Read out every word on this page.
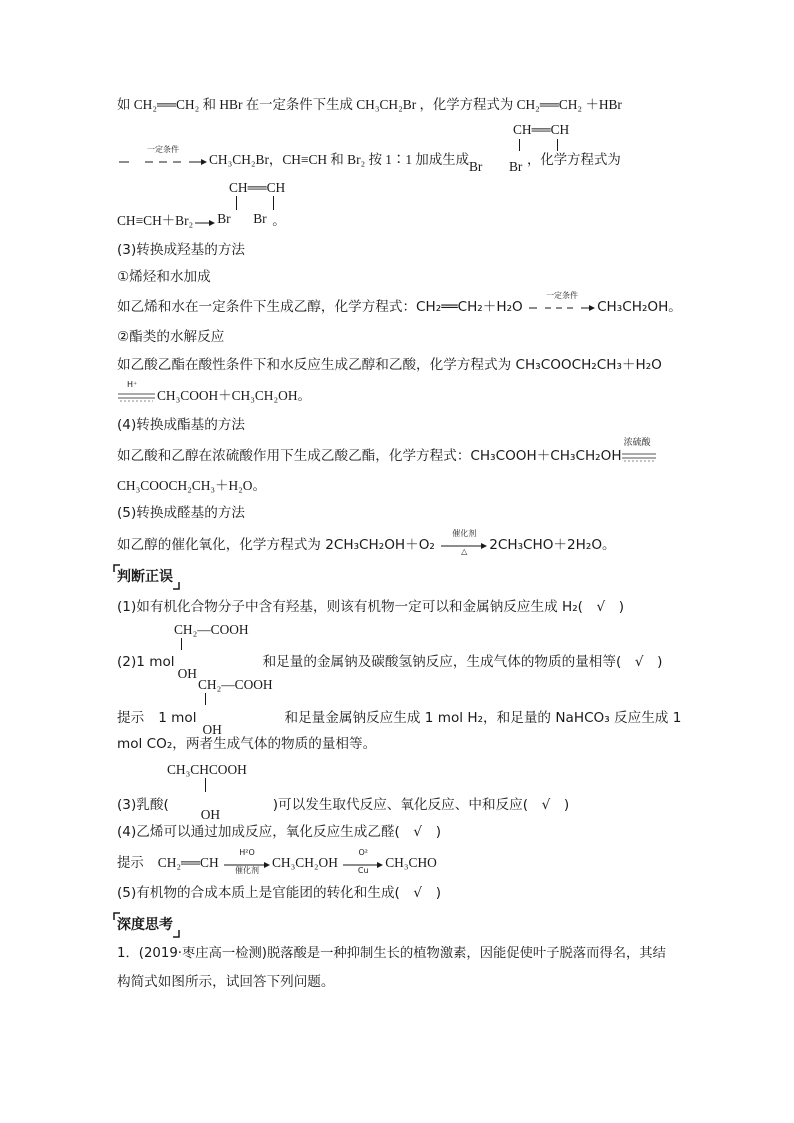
如 CH₂══CH₂ 和 HBr 在一定条件下生成 CH₃CH₂Br ，化学方程式为 CH₂══CH₂ ＋HBr
CH══CH
一定条件
CH₃CH₂Br，CH≡CH 和 Br₂ 按 1∶1 加成生成 Br Br ，化学方程式为
CH══CH
CH≡CH＋Br₂ → Br Br 。
(3)转换成羟基的方法
①烯烃和水加成
如乙烯和水在一定条件下生成乙醇，化学方程式：CH₂══CH₂＋H₂O
一定条件
CH₃CH₂OH。
②酯类的水解反应
如乙酸乙酯在酸性条件下和水反应生成乙醇和乙酸，化学方程式为 CH₃COOCH₂CH₃＋H₂O
H⁺
CH₃COOH＋CH₃CH₂OH。
(4)转换成酯基的方法
如乙酸和乙醇在浓硫酸作用下生成乙酸乙酯，化学方程式：CH₃COOH＋CH₃CH₂OH
浓硫酸
CH₃COOCH₂CH₃＋H₂O。
(5)转换成醛基的方法
如乙醇的催化氧化，化学方程式为 2CH₃CH₂OH＋O₂
催化剂
△	2CH₃CHO＋2H₂O。
判断正误
(1)如有机化合物分子中含有羟基，则该有机物一定可以和金属钠反应生成 H₂(　√　)
CH₂—COOH
(2)1 mol
OH
和足量的金属钠及碳酸氢钠反应，生成气体的物质的量相等(　√　)
CH₂—COOH
提示 1 mol
OH
和足量金属钠反应生成 1 mol H₂，和足量的 NaHCO₃ 反应生成 1
mol CO₂，两者生成气体的物质的量相等。
CH₃CHCOOH
(3)乳酸(
OH
)可以发生取代反应、氧化反应、中和反应(　√　)
(4)乙烯可以通过加成反应，氧化反应生成乙醛(　√　)
提示 CH₂══CH
H²O
催化剂
CH₃CH₂OH
O²
Cu
CH₃CHO
(5)有机物的合成本质上是官能团的转化和生成(　√　)
深度思考
1．(2019·枣庄高一检测)脱落酸是一种抑制生长的植物激素，因能促使叶子脱落而得名，其结
构简式如图所示，试回答下列问题。
